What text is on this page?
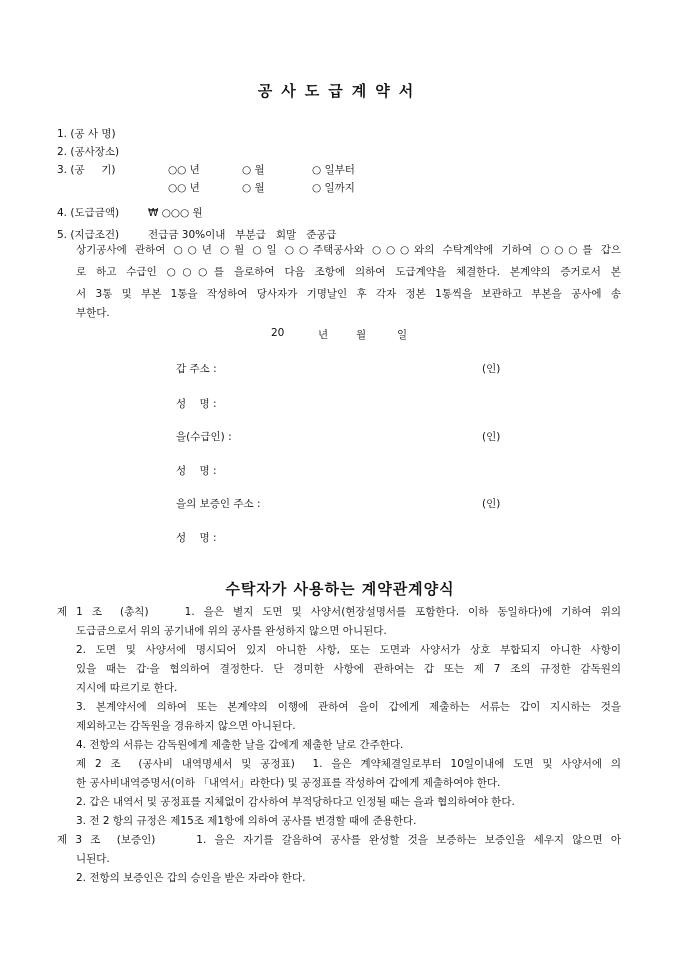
공사도급계약서
1. (공 사 명)
2. (공사장소)
3. (공     기)	○○ 년	○ 월	○ 일부터
○○ 년	○ 월	○ 일까지
4. (도급금액)	₩ ○○○ 원
5. (지급조건)	전급금 30%이내   부분급   회말   준공급
상기공사에 관하여 ○○년 ○월 ○일 ○○주택공사와 ○○○와의 수탁계약에 기하여 ○○○를 갑으
로 하고 수급인 ○○○를 을로하여 다음 조항에 의하여 도급계약을 체결한다. 본계약의 증거로서 본
서 3통 및 부본 1통을 작성하여 당사자가 기명날인 후 각자 정본 1통씩을 보관하고 부본을 공사에 송
부한다.
20	년	월	일
갑 주소 :	(인)
성    명 :
을(수급인) :	(인)
성    명 :
을의 보증인 주소 :	(인)
성    명 :
수탁자가 사용하는 계약관계양식
제 1 조  (총칙)    1. 을은 별지 도면 및 사양서(현장설명서를 포함한다. 이하 동일하다)에 기하여 위의
도급금으로서 위의 공기내에 위의 공사를 완성하지 않으면 아니된다.
2. 도면 및 사양서에 명시되어 있지 아니한 사항, 또는 도면과 사양서가 상호 부합되지 아니한 사항이
있을 때는 갑·을 협의하여 결정한다. 단 경미한 사항에 관하여는 갑 또는 제 7 조의 규정한 감독원의
지시에 따르기로 한다.
3. 본계약서에 의하여 또는 본계약의 이행에 관하여 을이 갑에게 제출하는 서류는 갑이 지시하는 것을
제외하고는 감독원을 경유하지 않으면 아니된다.
4. 전항의 서류는 감독원에게 제출한 날을 갑에게 제출한 날로 간주한다.
제 2 조  (공사비 내역명세서 및 공정표)  1. 을은 계약체결일로부터 10일이내에 도면 및 사양서에 의
한 공사비내역증명서(이하 「내역서」라한다) 및 공정표를 작성하여 갑에게 제출하여야 한다.
2. 갑은 내역서 및 공정표를 지체없이 감사하여 부적당하다고 인정될 때는 을과 협의하여야 한다.
3. 전 2 항의 규정은 제15조 제1항에 의하여 공사를 변경할 때에 준용한다.
제 3 조  (보증인)     1. 을은 자기를 갈음하여 공사를 완성할 것을 보증하는 보증인을 세우지 않으면 아
니된다.
2. 전항의 보증인은 갑의 승인을 받은 자라야 한다.
